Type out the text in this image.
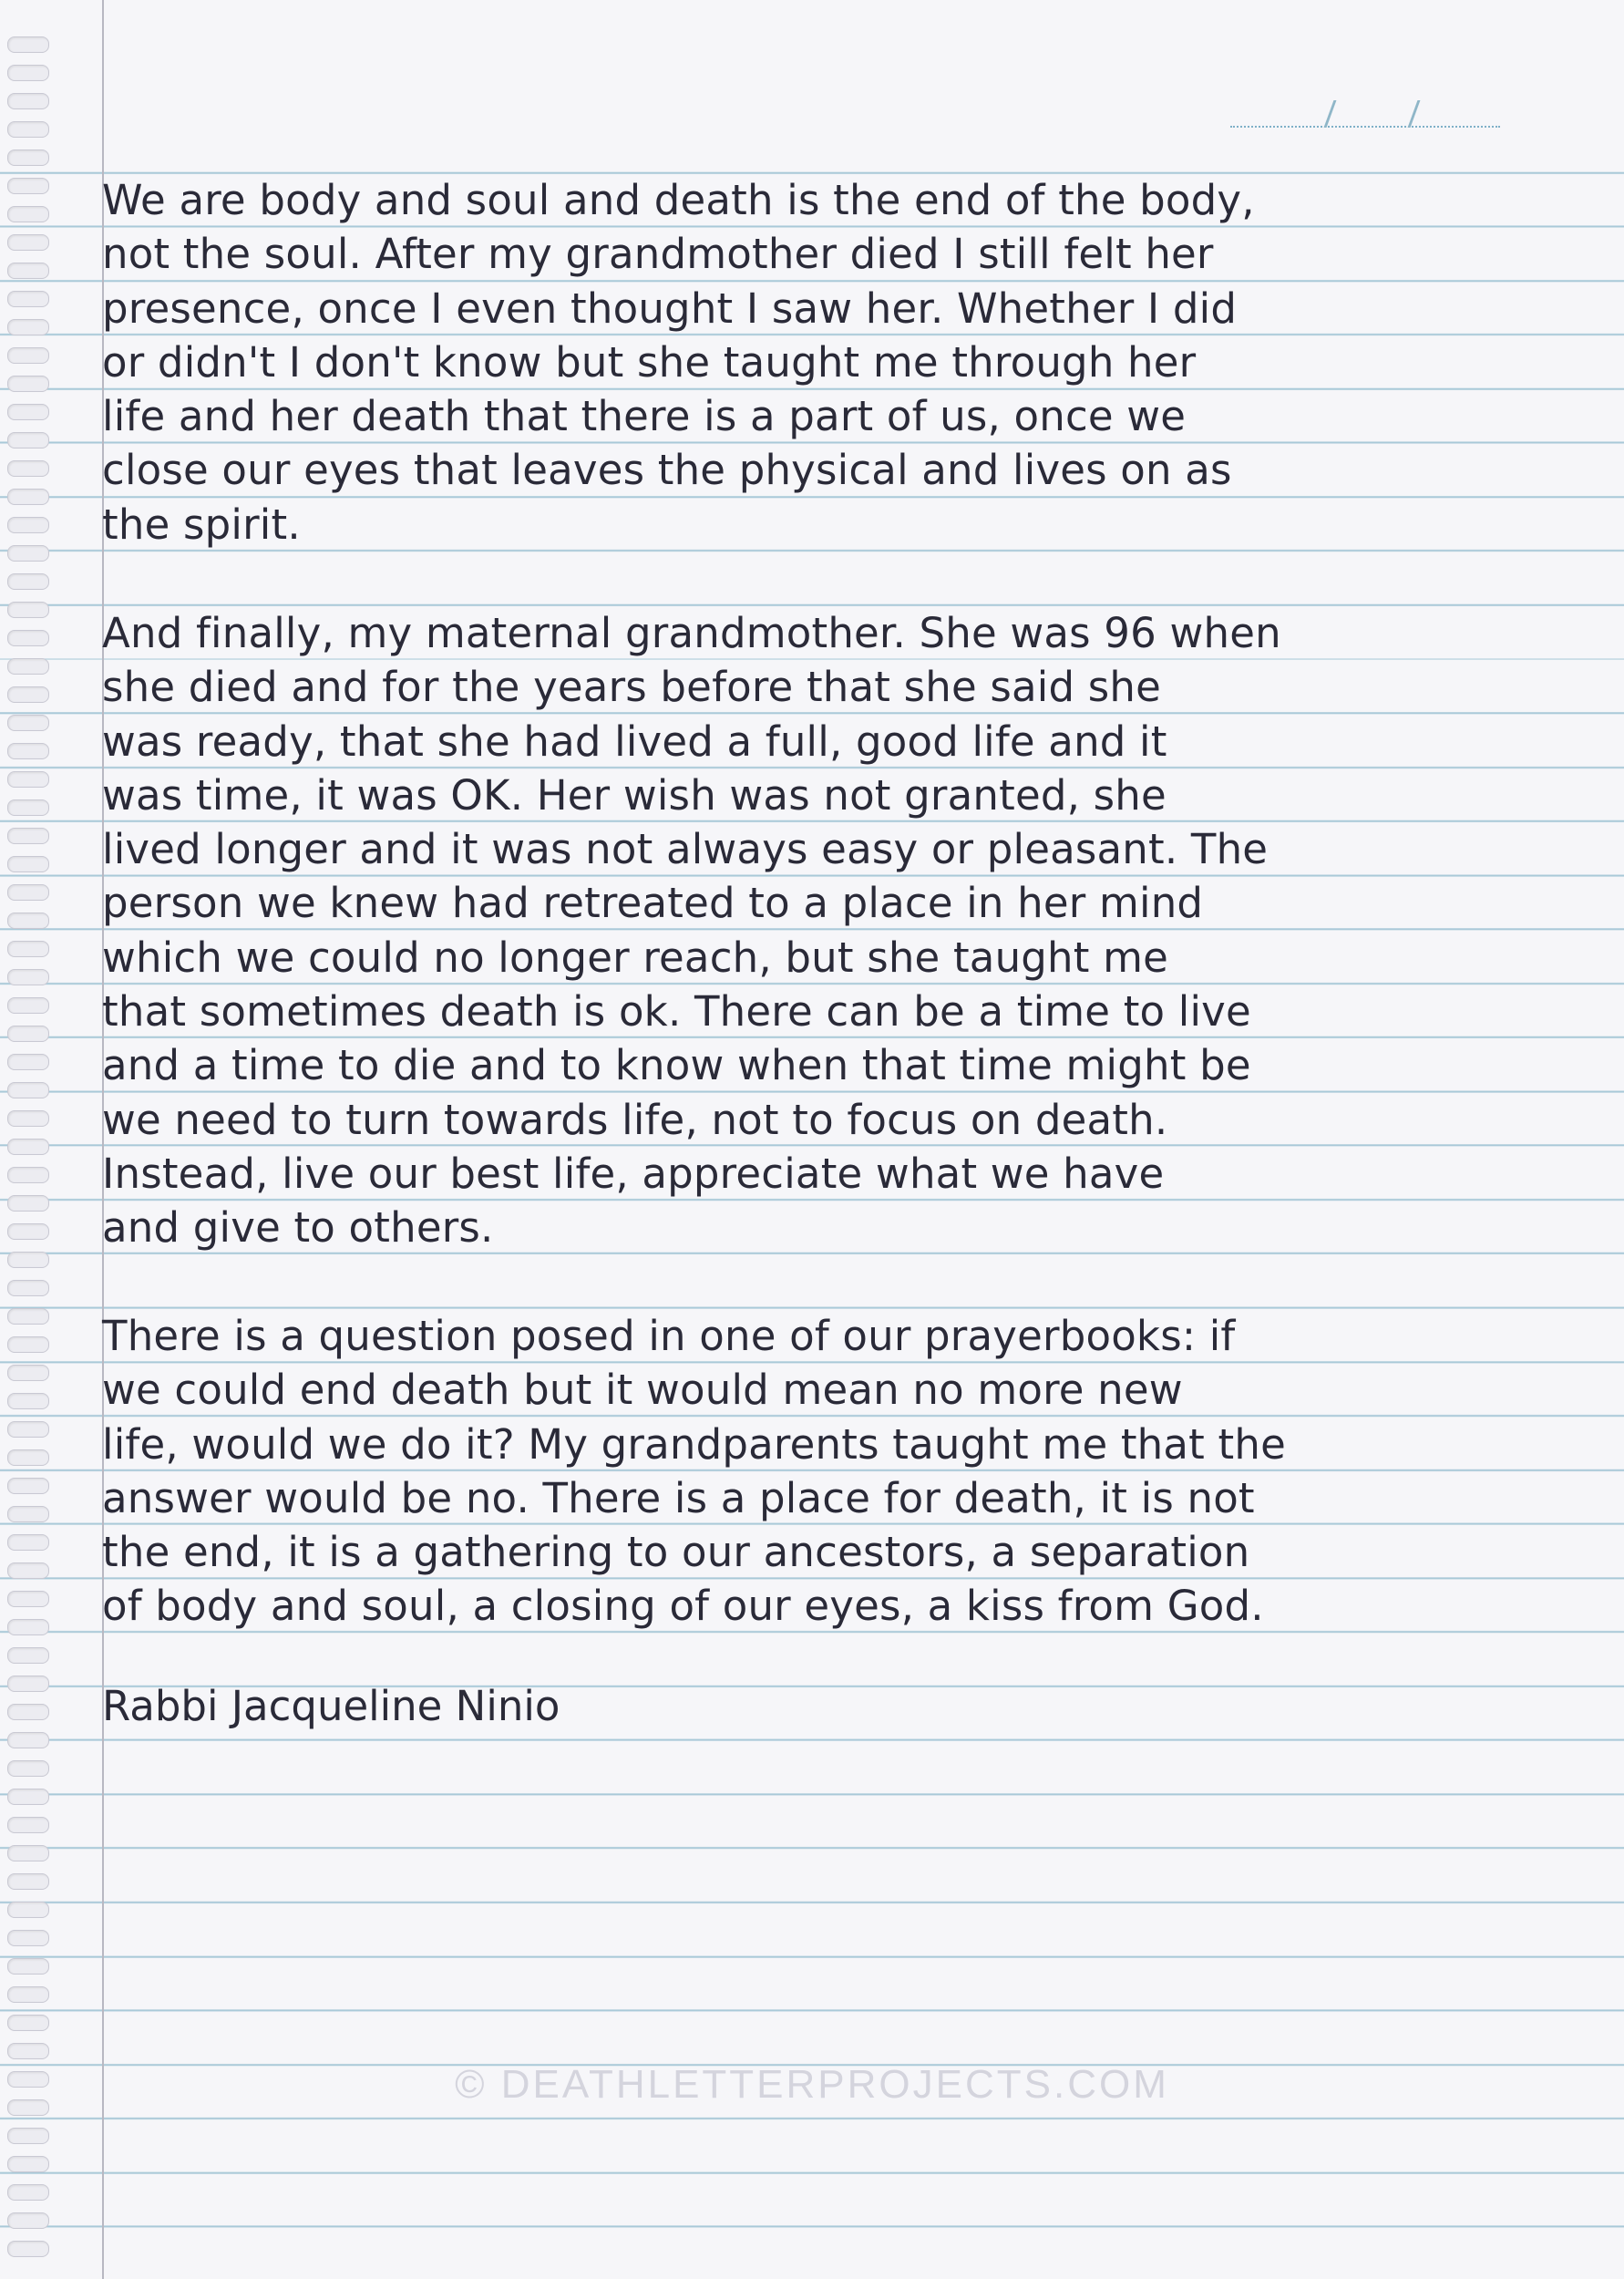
We are body and soul and death is the end of the body,
not the soul. After my grandmother died I still felt her
presence, once I even thought I saw her. Whether I did
or didn't I don't know but she taught me through her
life and her death that there is a part of us, once we
close our eyes that leaves the physical and lives on as
the spirit.
And finally, my maternal grandmother. She was 96 when
she died and for the years before that she said she
was ready, that she had lived a full, good life and it
was time, it was OK. Her wish was not granted, she
lived longer and it was not always easy or pleasant. The
person we knew had retreated to a place in her mind
which we could no longer reach, but she taught me
that sometimes death is ok. There can be a time to live
and a time to die and to know when that time might be
we need to turn towards life, not to focus on death.
Instead, live our best life, appreciate what we have
and give to others.
There is a question posed in one of our prayerbooks: if
we could end death but it would mean no more new
life, would we do it? My grandparents taught me that the
answer would be no. There is a place for death, it is not
the end, it is a gathering to our ancestors, a separation
of body and soul, a closing of our eyes, a kiss from God.
Rabbi Jacqueline Ninio
© DEATHLETTERPROJECTS.COM
